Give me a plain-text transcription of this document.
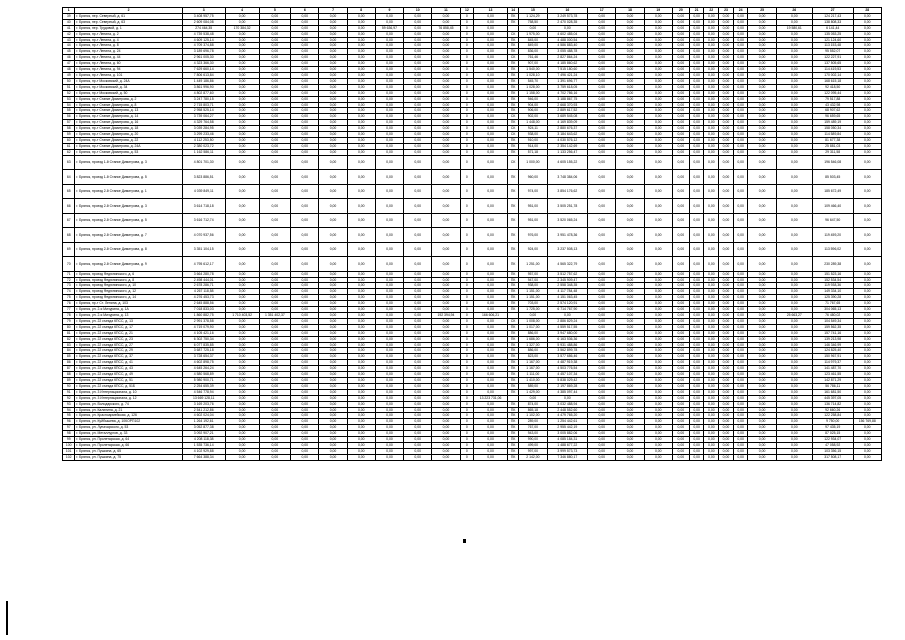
1	2	3	4	5	6	7	8	9	10	11	12	13	14	15	16	17	18	19	20	21	22	23	24	25	26	27	28
39	г. Брянск, пер. Северный, д. 61	3 408 957,75	0,00	0,00	0,00	0,00	0,00	0,00	0,00	0,00	0	0,00	ПК	1 124,29	3 249 573,78	0,00	0,00	0,00	0,00	0,00	0,00	0,00	0,00	0,00	0,00	124 217,43	0,00
40	г. Брянск, пер. Северный, д. 63	2 609 084,08	0,00	0,00	0,00	0,00	0,00	0,00	0,00	0,00	0	0,00	ПК	758,50	2 470 028,35	0,00	0,00	0,00	0,00	0,00	0,00	0,00	0,00	0,00	0,00	138 808,33	0,00
41	г. Брянск, пер. Трудовой, д. 1	274 464,35	170 384,32	0,00	0,00	0,00	0,00	59 636,97	0,00	76 858,45	0	0,00		0,00	0,00	0,00	0,00	0,00	0,00	0,00	0,00	0,00	0,00	0,00	19 580,61	6 141,44	0,00
42	г. Брянск, пр-т Ленина, д. 2	4 739 538,48	0,00	0,00	0,00	0,00	0,00	0,00	0,00	0,00	0	0,00	СК	1 975,00	4 602 485,04	0,00	0,00	0,00	0,00	0,00	0,00	0,00	0,00	0,00	0,00	135 053,25	0,00
43	г. Брянск, пр-т Ленина, д. 4	4 609 125,14	0,00	0,00	0,00	0,00	0,00	0,00	0,00	0,00	0	0,00	ПК	845,00	4 488 000,54	0,00	0,00	0,00	0,00	0,00	0,00	0,00	0,00	0,00	0,00	121 124,60	0,00
44	г. Брянск, пр-т Ленина, д. 8	4 709 374,88	0,00	0,00	0,00	0,00	0,00	0,00	0,00	0,00	0	0,00	ПК	849,00	4 586 883,40	0,00	0,00	0,00	0,00	0,00	0,00	0,00	0,00	0,00	0,00	113 153,48	0,00
45	г. Брянск, пр-т Ленина, д. 24	3 189 696,78	0,00	0,00	0,00	0,00	0,00	0,00	0,00	0,00	0	0,00	ПК	836,00	3 055 488,78	0,00	0,00	0,00	0,00	0,00	0,00	0,00	0,00	0,00	0,00	95 552,07	0,00
46	г. Брянск, пр-т Ленина, д. 44	2 961 005,30	0,00	0,00	0,00	0,00	0,00	0,00	0,00	0,00	0	0,00	СК	761,46	2 827 864,24	0,00	0,00	0,00	0,00	0,00	0,00	0,00	0,00	0,00	0,00	122 227,91	0,00
47	г. Брянск, пр-т Ленина, д. 60	4 323 366,30	0,00	0,00	0,00	0,00	0,00	0,00	0,00	0,00	0	0,00	ПК	907,00	4 185 860,62	0,00	0,00	0,00	0,00	0,00	0,00	0,00	0,00	0,00	0,00	137 505,65	0,00
48	г. Брянск, пр-т Ленина, д. 94	7 629 660,14	0,00	0,00	0,00	0,00	0,00	0,00	0,00	0,00	0	0,00	ПК	1 540,00	7 515 180,60	0,00	0,00	0,00	0,00	0,00	0,00	0,00	0,00	0,00	0,00	114 419,53	0,00
49	г. Брянск, пр-т Ленина, д. 101	7 806 613,84	0,00	0,00	0,00	0,00	0,00	0,00	0,00	0,00	0	0,00	ПК	1 028,10	7 496 421,24	0,00	0,00	0,00	0,00	0,00	0,00	0,00	0,00	0,00	0,00	170 002,14	0,00
50	г. Брянск, пр-т Московский, д. 24А	1 449 186,86	0,00	0,00	0,00	0,00	0,00	0,00	0,00	0,00	0	0,00	ПК	545,70	1 391 696,77	0,00	0,00	0,00	0,00	0,00	0,00	0,00	0,00	0,00	0,00	168 615,18	0,00
51	г. Брянск, пр-т Московский, д. 34	3 861 996,90	0,00	0,00	0,00	0,00	0,00	0,00	0,00	0,00	0	0,00	ПК	1 028,00	3 759 618,05	0,00	0,00	0,00	0,00	0,00	0,00	0,00	0,00	0,00	0,00	92 418,50	0,00
52	г. Брянск, пр-т Московский, д. 50	4 802 877,60	0,00	0,00	0,00	0,00	0,00	0,00	0,00	0,00	0	0,00	ПК	1 158,00	4 702 786,16	0,00	0,00	0,00	0,00	0,00	0,00	0,00	0,00	0,00	0,00	122 095,44	0,00
53	г. Брянск, пр-т Станке Димитрова, д. 2	3 247 780,15	0,00	0,00	0,00	0,00	0,00	0,00	0,00	0,00	0	0,00	ПК	946,00	3 188 867,75	0,00	0,00	0,00	0,00	0,00	0,00	0,00	0,00	0,00	0,00	79 517,88	0,00
54	г. Брянск, пр-т Станке Димитрова, д. 8	2 715 803,71	0,00	0,00	0,00	0,00	0,00	0,00	0,00	0,00	0	0,00	ПК	904,00	2 668 370,93	0,00	0,00	0,00	0,00	0,00	0,00	0,00	0,00	0,00	0,00	43 432,98	0,00
55	г. Брянск, пр-т Станке Димитрова, д. 13	2 958 525,14	0,00	0,00	0,00	0,00	0,00	0,00	0,00	0,00	0	0,00	ПК	906,00	2 889 617,52	0,00	0,00	0,00	0,00	0,00	0,00	0,00	0,00	0,00	0,00	68 907,62	0,00
56	г. Брянск, пр-т Станке Димитрова, д. 14	3 739 064,27	0,00	0,00	0,00	0,00	0,00	0,00	0,00	0,00	0	0,00	СК	902,00	3 689 545,08	0,00	0,00	0,00	0,00	0,00	0,00	0,00	0,00	0,00	0,00	96 659,65	0,00
57	г. Брянск, пр-т Станке Димитрова, д. 16	4 329 764,58	0,00	0,00	0,00	0,00	0,00	0,00	0,00	0,00	0	0,00	ПК	1 448,00	4 169 839,09	0,00	0,00	0,00	0,00	0,00	0,00	0,00	0,00	0,00	0,00	159 489,19	0,00
58	г. Брянск, пр-т Станке Димитрова, д. 18	3 039 284,95	0,00	0,00	0,00	0,00	0,00	0,00	0,00	0,00	0	0,00	СК	924,11	2 880 676,37	0,00	0,00	0,00	0,00	0,00	0,00	0,00	0,00	0,00	0,00	158 050,34	0,00
59	г. Брянск, пр-т Станке Димитрова, д. 20	3 299 233,46	0,00	0,00	0,00	0,00	0,00	0,00	0,00	0,00	0	0,00	СК	938,00	3 184 643,62	0,00	0,00	0,00	0,00	0,00	0,00	0,00	0,00	0,00	0,00	114 589,84	0,00
60	г. Брянск, пр-т Станке Димитрова, д. 22	4 112 253,50	0,00	0,00	0,00	0,00	0,00	0,00	0,00	0,00	0	0,00	ПК	910,00	4 030 576,12	0,00	0,00	0,00	0,00	0,00	0,00	0,00	0,00	0,00	0,00	81 677,38	0,00
61	г. Брянск, пр-т Станке Димитрова, д. 24А	2 380 023,72	0,00	0,00	0,00	0,00	0,00	0,00	0,00	0,00	0	0,00	ПК	914,00	2 354 142,69	0,00	0,00	0,00	0,00	0,00	0,00	0,00	0,00	0,00	0,00	25 881,03	0,00
62	г. Брянск, пр-т Станке Димитрова, д. 53	1 162 586,11	0,00	0,00	0,00	0,00	0,00	0,00	0,00	0,00	0	0,00	ПК	571,18	1 133 256,47	0,00	0,00	0,00	0,00	0,00	0,00	0,00	0,00	0,00	0,00	29 311,58	0,00
63	г. Брянск, проезд 1-й Станке Димитрова, д. 3	4 801 701,30	0,00	0,00	0,00	0,00	0,00	0,00	0,00	0,00	0	0,00	СК	1 000,00	4 605 155,22	0,00	0,00	0,00	0,00	0,00	0,00	0,00	0,00	0,00	0,00	196 546,08	0,00
64	г. Брянск, проезд 1-й Станке Димитрова, д. 5	3 823 886,51	0,00	0,00	0,00	0,00	0,00	0,00	0,00	0,00	0	0,00	ПК	960,00	3 748 384,06	0,00	0,00	0,00	0,00	0,00	0,00	0,00	0,00	0,00	0,00	85 503,45	0,00
65	г. Брянск, проезд 2-й Станке Димитрова, д. 1	4 039 849,11	0,00	0,00	0,00	0,00	0,00	0,00	0,00	0,00	0	0,00	ПК	974,00	3 854 176,62	0,00	0,00	0,00	0,00	0,00	0,00	0,00	0,00	0,00	0,00	185 672,49	0,00
66	г. Брянск, проезд 2-й Станке Димитрова, д. 3	3 614 718,18	0,00	0,00	0,00	0,00	0,00	0,00	0,00	0,00	0	0,00	ПК	951,00	3 505 251,78	0,00	0,00	0,00	0,00	0,00	0,00	0,00	0,00	0,00	0,00	109 466,40	0,00
67	г. Брянск, проезд 2-й Станке Димитрова, д. 5	3 616 712,74	0,00	0,00	0,00	0,00	0,00	0,00	0,00	0,00	0	0,00	ПК	951,00	3 520 065,24	0,00	0,00	0,00	0,00	0,00	0,00	0,00	0,00	0,00	0,00	96 647,50	0,00
68	г. Брянск, проезд 2-й Станке Димитрова, д. 7	4 070 937,56	0,00	0,00	0,00	0,00	0,00	0,00	0,00	0,00	0	0,00	ПК	976,00	3 951 478,36	0,00	0,00	0,00	0,00	0,00	0,00	0,00	0,00	0,00	0,00	119 459,20	0,00
69	г. Брянск, проезд 2-й Станке Димитрова, д. 8	3 351 104,15	0,00	0,00	0,00	0,00	0,00	0,00	0,00	0,00	0	0,00	ПК	924,00	3 237 508,13	0,00	0,00	0,00	0,00	0,00	0,00	0,00	0,00	0,00	0,00	113 596,02	0,00
70	г. Брянск, проезд 2-й Станке Димитрова, д. 9	4 795 612,17	0,00	0,00	0,00	0,00	0,00	0,00	0,00	0,00	0	0,00	ПК	1 251,00	4 565 322,79	0,00	0,00	0,00	0,00	0,00	0,00	0,00	0,00	0,00	0,00	230 289,38	0,00
71	г. Брянск, проезд Федюнинского, д. 6	3 664 280,78	0,00	0,00	0,00	0,00	0,00	0,00	0,00	0,00	0	0,00	ПК	957,00	3 512 757,62	0,00	0,00	0,00	0,00	0,00	0,00	0,00	0,00	0,00	0,00	151 523,16	0,00
72	г. Брянск, проезд Федюнинского, д. 8	2 498 444,01	0,00	0,00	0,00	0,00	0,00	0,00	0,00	0,00	0	0,00	ПК	947,00	2 345 909,47	0,00	0,00	0,00	0,00	0,00	0,00	0,00	0,00	0,00	0,00	152 534,54	0,00
73	г. Брянск, проезд Федюнинского, д. 10	2 678 286,71	0,00	0,00	0,00	0,00	0,00	0,00	0,00	0,00	0	0,00	ПК	938,00	2 558 348,35	0,00	0,00	0,00	0,00	0,00	0,00	0,00	0,00	0,00	0,00	119 938,36	0,00
74	г. Брянск, проезд Федюнинского, д. 12	4 267 118,58	0,00	0,00	0,00	0,00	0,00	0,00	0,00	0,00	0	0,00	ПК	1 151,00	4 117 784,48	0,00	0,00	0,00	0,00	0,00	0,00	0,00	0,00	0,00	0,00	149 334,10	0,00
75	г. Брянск, проезд Федюнинского, д. 14	4 276 453,73	0,00	0,00	0,00	0,00	0,00	0,00	0,00	0,00	0	0,00	ПК	1 151,00	4 151 063,45	0,00	0,00	0,00	0,00	0,00	0,00	0,00	0,00	0,00	0,00	125 390,28	0,00
76	г. Брянск, пр-т Ст. Ленина, д. 103	2 645 888,56	0,00	0,00	0,00	0,00	0,00	0,00	0,00	0,00	0	0,00	ПК	703,00	2 574 120,91	0,00	0,00	0,00	0,00	0,00	0,00	0,00	0,00	0,00	0,00	71 767,65	0,00
77	г. Брянск, ул. 2-я Мичурина, д. 1А	7 018 833,03	0,00	0,00	0,00	0,00	0,00	0,00	0,00	0,00	0	0,00	ПК	1 725,00	6 714 767,90	0,00	0,00	0,00	0,00	0,00	0,00	0,00	0,00	0,00	0,00	304 065,13	0,00
78	г. Брянск, ул. 2-я Мичурина, д. 13	1 860 882,75	1 710 403,52	1 351 402,37	0,00	0,00	0,00	0,00	0,00	192 394,94	0	166 606,21		0,00	0,00	0,00	0,00	0,00	0,00	0,00	0,00	0,00	0,00	0,00	25 663,27	76 480,02	0,00
79	г. Брянск, ул. 22 съезда КПСС, д. 13	2 991 378,58	0,00	0,00	0,00	0,00	0,00	0,00	0,00	0,00	0	0,00	СК	1 008,00	2 886 829,24	0,00	0,00	0,00	0,00	0,00	0,00	0,00	0,00	0,00	0,00	104 549,34	0,00
80	г. Брянск, ул. 22 съезда КПСС, д. 17	4 719 079,90	0,00	0,00	0,00	0,00	0,00	0,00	0,00	0,00	0	0,00	ПК	1 017,00	4 559 517,55	0,00	0,00	0,00	0,00	0,00	0,00	0,00	0,00	0,00	0,00	159 562,35	0,00
81	г. Брянск, ул. 22 съезда КПСС, д. 21	4 105 421,16	0,00	0,00	0,00	0,00	0,00	0,00	0,00	0,00	0	0,00	ПК	886,00	3 947 680,00	0,00	0,00	0,00	0,00	0,00	0,00	0,00	0,00	0,00	0,00	157 741,16	0,00
82	г. Брянск, ул. 22 съезда КПСС, д. 23	6 302 750,34	0,00	0,00	0,00	0,00	0,00	0,00	0,00	0,00	0	0,00	ПК	1 686,00	6 163 536,36	0,00	0,00	0,00	0,00	0,00	0,00	0,00	0,00	0,00	0,00	139 213,98	0,00
83	г. Брянск, ул. 22 съезда КПСС, д. 27	6 077 835,85	0,00	0,00	0,00	0,00	0,00	0,00	0,00	0,00	0	0,00	ПК	1 327,00	5 931 488,86	0,00	0,00	0,00	0,00	0,00	0,00	0,00	0,00	0,00	0,00	146 346,99	0,00
84	г. Брянск, ул. 22 съезда КПСС, д. 29	3 687 725,18	0,00	0,00	0,00	0,00	0,00	0,00	0,00	0,00	0	0,00	ПК	886,00	3 562 899,78	0,00	0,00	0,00	0,00	0,00	0,00	0,00	0,00	0,00	0,00	124 825,40	0,00
85	г. Брянск, ул. 22 съезда КПСС, д. 37	3 728 654,37	0,00	0,00	0,00	0,00	0,00	0,00	0,00	0,00	0	0,00	ПК	823,00	3 577 686,46	0,00	0,00	0,00	0,00	0,00	0,00	0,00	0,00	0,00	0,00	150 967,91	0,00
86	г. Брянск, ул. 22 съезда КПСС, д. 41	4 602 898,75	0,00	0,00	0,00	0,00	0,00	0,00	0,00	0,00	0	0,00	ПК	1 167,00	4 487 919,38	0,00	0,00	0,00	0,00	0,00	0,00	0,00	0,00	0,00	0,00	114 979,37	0,00
87	г. Брянск, ул. 22 съезда КПСС, д. 43	4 645 264,24	0,00	0,00	0,00	0,00	0,00	0,00	0,00	0,00	0	0,00	ПК	1 167,00	4 503 776,54	0,00	0,00	0,00	0,00	0,00	0,00	0,00	0,00	0,00	0,00	141 487,70	0,00
88	г. Брянск, ул. 22 съезда КПСС, д. 49	4 580 568,89	0,00	0,00	0,00	0,00	0,00	0,00	0,00	0,00	0	0,00	ПК	1 111,00	4 457 107,34	0,00	0,00	0,00	0,00	0,00	0,00	0,00	0,00	0,00	0,00	123 461,55	0,00
89	г. Брянск, ул. 22 съезда КПСС, д. 51	5 980 900,71	0,00	0,00	0,00	0,00	0,00	0,00	0,00	0,00	0	0,00	ПК	1 410,00	5 838 029,42	0,00	0,00	0,00	0,00	0,00	0,00	0,00	0,00	0,00	0,00	142 871,29	0,00
90	г. Брянск, ул. 22 съезда КПСС, д. 51Б	2 254 655,39	0,00	0,00	0,00	0,00	0,00	0,00	0,00	0,00	0	0,00	ПК	589,00	2 197 869,28	0,00	0,00	0,00	0,00	0,00	0,00	0,00	0,00	0,00	0,00	56 786,11	0,00
91	г. Брянск, ул. 3 Интернационала, д. 10	4 546 778,94	0,00	0,00	0,00	0,00	0,00	0,00	0,00	0,00	0	0,00	ПК	1 429,00	4 385 097,44	0,00	0,00	0,00	0,00	0,00	0,00	0,00	0,00	0,00	0,00	161 681,50	0,00
92	г. Брянск, ул. 3 Интернационала, д. 12	13 669 128,11	0,00	0,00	0,00	0,00	0,00	0,00	0,00	0,00	0	13 223 731,06		0,00	0,00	0,00	0,00	0,00	0,00	0,00	0,00	0,00	0,00	0,00	0,00	445 397,05	0,00
93	г. Брянск, ул. Володарского, д. 74	3 169 203,76	0,00	0,00	0,00	0,00	0,00	0,00	0,00	0,00	0	0,00	ПК	874,00	3 032 488,94	0,00	0,00	0,00	0,00	0,00	0,00	0,00	0,00	0,00	0,00	136 714,82	0,00
94	г. Брянск, ул. Калинина, д. 21	2 541 212,86	0,00	0,00	0,00	0,00	0,00	0,00	0,00	0,00	0	0,00	ПК	865,18	2 448 552,60	0,00	0,00	0,00	0,00	0,00	0,00	0,00	0,00	0,00	0,00	92 660,26	0,00
95	г. Брянск, ул. Красноармейская, д. 126	4 602 024,04	0,00	0,00	0,00	0,00	0,00	0,00	0,00	0,00	0	0,00	ПК	1 102,00	4 479 765,20	0,00	0,00	0,00	0,00	0,00	0,00	0,00	0,00	0,00	0,00	122 258,84	0,00
96	г. Брянск, ул. Куйбышева, д. 10КОРП102	1 264 192,61	0,00	0,00	0,00	0,00	0,00	0,00	0,00	0,00	0	0,00	ПК	289,00	1 254 442,61	0,00	0,00	0,00	0,00	0,00	0,00	0,00	0,00	0,00	0,00	9 750,00	156 769,88
97	г. Брянск, ул. Луначарского, д. 53	3 052 877,38	0,00	0,00	0,00	0,00	0,00	0,00	0,00	0,00	0	0,00	ПК	767,00	2 955 442,19	0,00	0,00	0,00	0,00	0,00	0,00	0,00	0,00	0,00	0,00	97 435,19	0,00
98	г. Брянск, ул. Металлургов, д. 33	3 092 907,21	0,00	0,00	0,00	0,00	0,00	0,00	0,00	0,00	0	0,00	ПК	943,00	3 005 882,06	0,00	0,00	0,00	0,00	0,00	0,00	0,00	0,00	0,00	0,00	87 025,15	0,00
99	г. Брянск, ул. Пролетарская, д. 64	4 208 118,38	0,00	0,00	0,00	0,00	0,00	0,00	0,00	0,00	0	0,00	ПК	990,00	4 085 184,31	0,00	0,00	0,00	0,00	0,00	0,00	0,00	0,00	0,00	0,00	122 934,07	0,00
100	г. Брянск, ул. Пролетарская, д. 66	1 535 736,14	0,00	0,00	0,00	0,00	0,00	0,00	0,00	0,00	0	0,00	ПК	499,00	1 488 677,22	0,00	0,00	0,00	0,00	0,00	0,00	0,00	0,00	0,00	0,00	47 058,92	0,00
101	г. Брянск, ул. Пушкина, д. 65	4 102 929,88	0,00	0,00	0,00	0,00	0,00	0,00	0,00	0,00	0	0,00	ПК	997,00	3 999 573,73	0,00	0,00	0,00	0,00	0,00	0,00	0,00	0,00	0,00	0,00	103 356,15	0,00
102	г. Брянск, ул. Пушкина, д. 75	7 664 388,34	0,00	0,00	0,00	0,00	0,00	0,00	0,00	0,00	0	0,00	ПК	2 142,00	7 346 880,17	0,00	0,00	0,00	0,00	0,00	0,00	0,00	0,00	0,00	0,00	317 508,17	0,00
